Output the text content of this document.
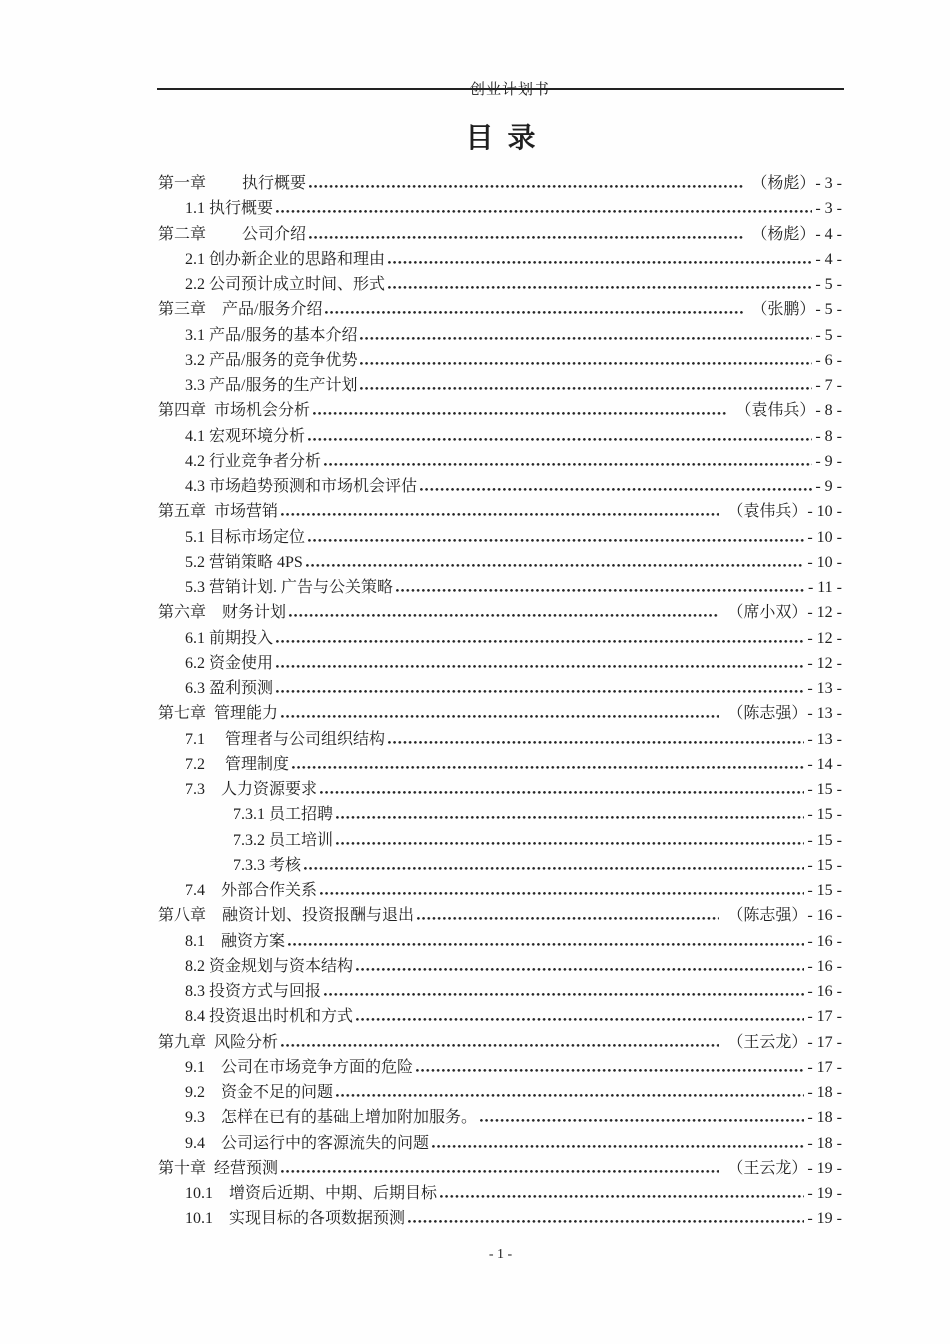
创业计划书

目  录
第一章　　 执行概要	（杨彪） - 3 -
1.1 执行概要	- 3 -
第二章　　 公司介绍	（杨彪） - 4 -
2.1 创办新企业的思路和理由	- 4 -
2.2 公司预计成立时间、形式	- 5 -
第三章　产品/服务介绍	（张鹏） - 5 -
3.1 产品/服务的基本介绍	- 5 -
3.2 产品/服务的竞争优势	- 6 -
3.3 产品/服务的生产计划	- 7 -
第四章  市场机会分析	（袁伟兵） - 8 -
4.1 宏观环境分析	- 8 -
4.2 行业竞争者分析	- 9 -
4.3 市场趋势预测和市场机会评估	- 9 -
第五章  市场营销	（袁伟兵） - 10 -
5.1 目标市场定位	- 10 -
5.2 营销策略 4PS	- 10 -
5.3 营销计划. 广告与公关策略	- 11 -
第六章　财务计划	（席小双） - 12 -
6.1 前期投入	- 12 -
6.2 资金使用	- 12 -
6.3 盈利预测	- 13 -
第七章  管理能力	（陈志强） - 13 -
7.1　 管理者与公司组织结构	- 13 -
7.2　 管理制度	- 14 -
7.3　人力资源要求	- 15 -
7.3.1 员工招聘	- 15 -
7.3.2 员工培训	- 15 -
7.3.3 考核	- 15 -
7.4　外部合作关系	- 15 -
第八章　融资计划、投资报酬与退出	（陈志强） - 16 -
8.1　融资方案	- 16 -
8.2 资金规划与资本结构	- 16 -
8.3 投资方式与回报	- 16 -
8.4 投资退出时机和方式	- 17 -
第九章  风险分析	（王云龙） - 17 -
9.1　公司在市场竞争方面的危险	- 17 -
9.2　资金不足的问题	- 18 -
9.3　怎样在已有的基础上增加附加服务。	- 18 -
9.4　公司运行中的客源流失的问题	- 18 -
第十章  经营预测	（王云龙） - 19 -
10.1　增资后近期、中期、后期目标	- 19 -
10.1　实现目标的各项数据预测	- 19 -
- 1 -
